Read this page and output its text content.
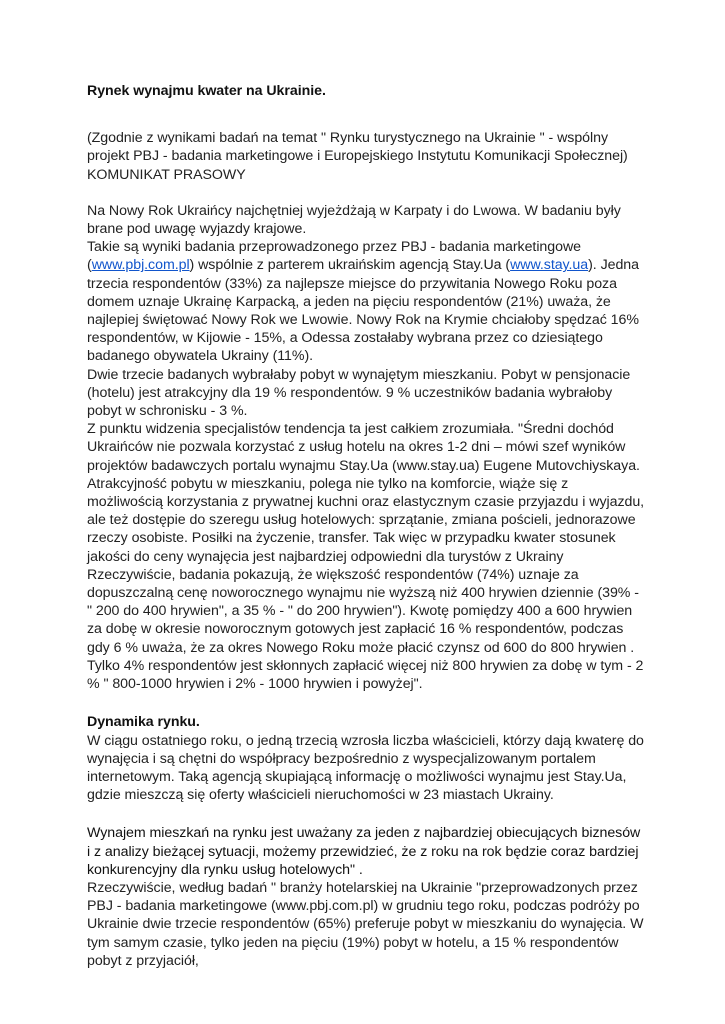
Rynek wynajmu kwater na Ukrainie.

(Zgodnie z wynikami badań na temat " Rynku turystycznego na Ukrainie " - wspólny projekt PBJ - badania marketingowe i Europejskiego Instytutu Komunikacji Społecznej)

KOMUNIKAT PRASOWY

Na Nowy Rok Ukraińcy najchętniej wyjeżdżają w Karpaty i do Lwowa. W badaniu były brane pod uwagę wyjazdy krajowe.

Takie są wyniki badania przeprowadzonego przez PBJ - badania marketingowe (www.pbj.com.pl) wspólnie z parterem ukraińskim agencją Stay.Ua (www.stay.ua). Jedna trzecia respondentów (33%) za najlepsze miejsce do przywitania Nowego Roku poza domem uznaje Ukrainę Karpacką, a jeden na pięciu respondentów (21%) uważa, że najlepiej świętować Nowy Rok we Lwowie. Nowy Rok na Krymie chciałoby spędzać 16% respondentów, w Kijowie - 15%, a Odessa zostałaby wybrana przez co dziesiątego badanego obywatela Ukrainy (11%).

Dwie trzecie badanych wybrałaby pobyt w wynajętym mieszkaniu. Pobyt w pensjonacie (hotelu) jest atrakcyjny dla 19 % respondentów. 9 % uczestników badania wybrałoby pobyt w schronisku - 3 %.

Z punktu widzenia specjalistów tendencja ta jest całkiem zrozumiała. "Średni dochód Ukraińców nie pozwala korzystać z usług hotelu na okres 1-2 dni – mówi szef wyników projektów badawczych portalu wynajmu Stay.Ua (www.stay.ua) Eugene Mutovchiyskaya. Atrakcyjność pobytu w mieszkaniu, polega nie tylko na komforcie, wiąże się z możliwością korzystania z prywatnej kuchni oraz elastycznym czasie przyjazdu i wyjazdu, ale też dostępie do szeregu usług hotelowych: sprzątanie, zmiana pościeli, jednorazowe rzeczy osobiste. Posiłki na życzenie, transfer. Tak więc w przypadku kwater stosunek jakości do ceny wynajęcia jest najbardziej odpowiedni dla turystów z Ukrainy

Rzeczywiście, badania pokazują, że większość respondentów (74%) uznaje za dopuszczalną cenę noworocznego wynajmu nie wyższą niż 400 hrywien dziennie (39% - " 200 do 400 hrywien", a 35 % - " do 200 hrywien"). Kwotę pomiędzy 400 a 600 hrywien za dobę w okresie noworocznym gotowych jest zapłacić 16 % respondentów, podczas gdy 6 % uważa, że za okres Nowego Roku może płacić czynsz od 600 do 800 hrywien . Tylko 4% respondentów jest skłonnych zapłacić więcej niż 800 hrywien za dobę w tym - 2 % " 800-1000 hrywien i 2% - 1000 hrywien i powyżej".

Dynamika rynku.

W ciągu ostatniego roku, o jedną trzecią wzrosła liczba właścicieli, którzy dają kwaterę do wynajęcia i są chętni do współpracy bezpośrednio z wyspecjalizowanym portalem internetowym. Taką agencją skupiającą informację o możliwości wynajmu jest Stay.Ua, gdzie mieszczą się oferty właścicieli nieruchomości w 23 miastach Ukrainy.

Wynajem mieszkań na rynku jest uważany za jeden z najbardziej obiecujących biznesów i z analizy bieżącej sytuacji, możemy przewidzieć, że z roku na rok będzie coraz bardziej konkurencyjny dla rynku usług hotelowych" .

Rzeczywiście, według badań " branży hotelarskiej na Ukrainie "przeprowadzonych przez PBJ - badania marketingowe (www.pbj.com.pl) w grudniu tego roku, podczas podróży po Ukrainie dwie trzecie respondentów (65%) preferuje pobyt w mieszkaniu do wynajęcia. W tym samym czasie, tylko jeden na pięciu (19%) pobyt w hotelu, a 15 % respondentów pobyt z przyjaciół,
